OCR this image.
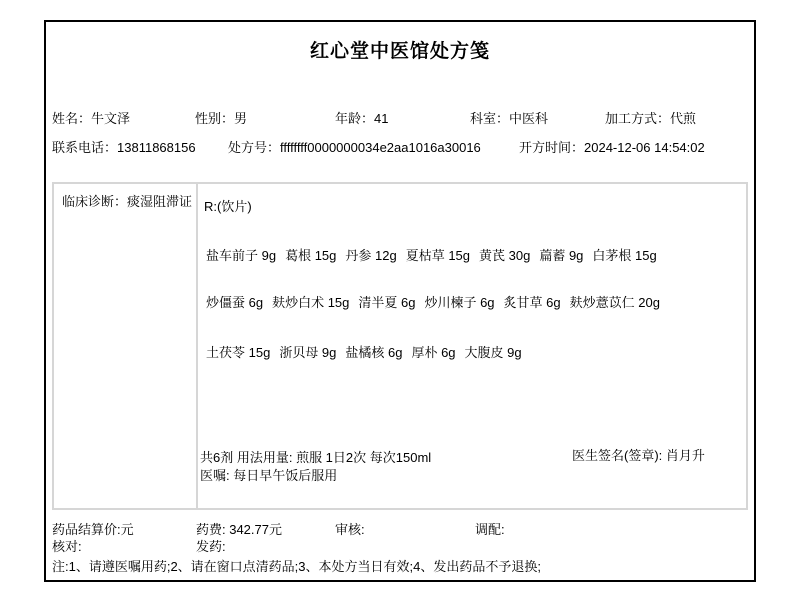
红心堂中医馆处方笺
姓名：牛文泽	性别：男	年龄：41	科室：中医科	加工方式：代煎
联系电话：13811868156 处方号：ffffffff0000000034e2aa1016a30016	开方时间：2024-12-06 14:54:02
临床诊断：痰湿阻滞证 R:(饮片)
盐车前子 9g 葛根 15g 丹参 12g 夏枯草 15g 黄芪 30g 萹蓄 9g 白茅根 15g
炒僵蚕 6g 麸炒白术 15g 清半夏 6g 炒川楝子 6g 炙甘草 6g 麸炒薏苡仁 20g
土茯苓 15g 浙贝母 9g 盐橘核 6g 厚朴 6g 大腹皮 9g
共6剂 用法用量: 煎服 1日2次 每次150ml
医嘱: 每日早午饭后服用
医生签名(签章): 肖月升
药品结算价:元	药费: 342.77元	审核:	调配:
核对:	发药:
注:1、请遵医嘱用药;2、请在窗口点清药品;3、本处方当日有效;4、发出药品不予退换;
